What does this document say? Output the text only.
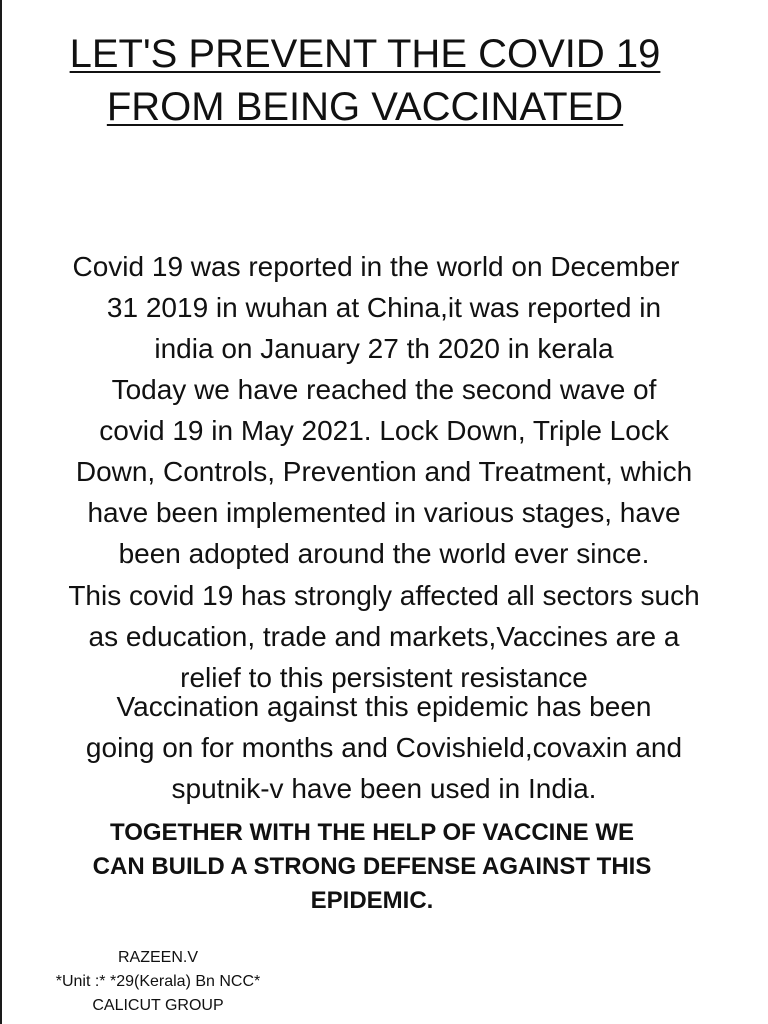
LET'S PREVENT THE COVID 19
FROM BEING VACCINATED
Covid 19 was reported in the world on December
31 2019 in wuhan at China,it was reported in
india on January 27 th 2020 in kerala
Today we have reached the second wave of
covid 19 in May 2021. Lock Down, Triple Lock
Down, Controls, Prevention and Treatment, which
have been implemented in various stages, have
been adopted around the world ever since.
This covid 19 has strongly affected all sectors such
as education, trade and markets,Vaccines are a
relief to this persistent resistance
Vaccination against this epidemic has been
going on for months and Covishield,covaxin and
sputnik-v have been used in India.
TOGETHER WITH THE HELP OF VACCINE WE
CAN BUILD A STRONG DEFENSE AGAINST THIS
EPIDEMIC.
RAZEEN.V
*Unit :* *29(Kerala) Bn NCC*
CALICUT GROUP
